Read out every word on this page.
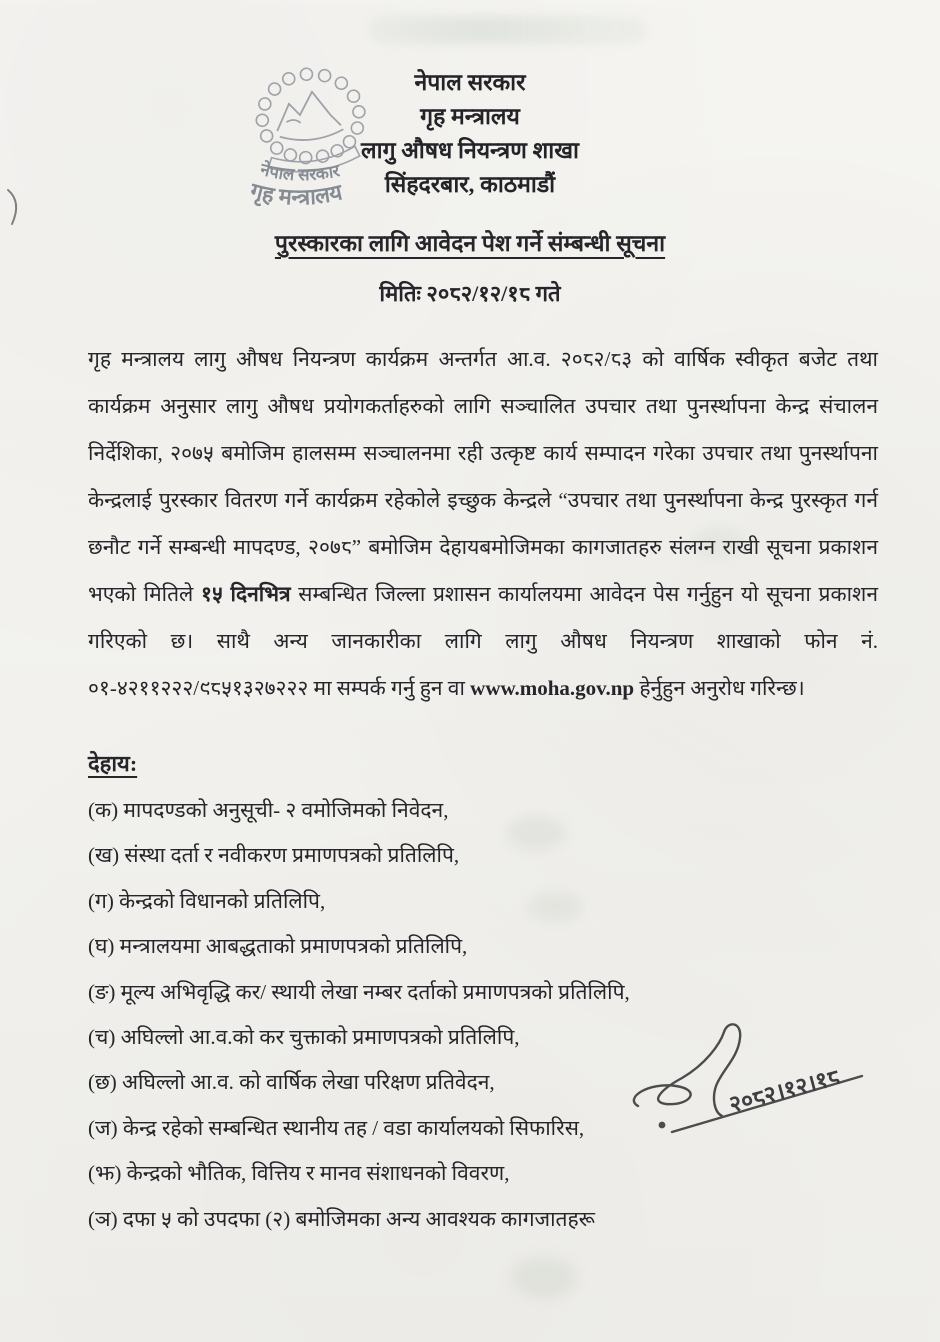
नेपाल सरकार
गृह मन्त्रालय
नेपाल सरकार
गृह मन्त्रालय
लागु औषध नियन्त्रण शाखा
सिंहदरबार, काठमाडौं
पुरस्कारका लागि आवेदन पेश गर्ने संम्बन्धी सूचना
मितिः २०८२/१२/१८ गते
गृह मन्त्रालय लागु औषध नियन्त्रण कार्यक्रम अन्तर्गत आ.व. २०८२/८३ को वार्षिक स्वीकृत बजेट तथा कार्यक्रम अनुसार लागु औषध प्रयोगकर्ताहरुको लागि सञ्चालित उपचार तथा पुनर्स्थापना केन्द्र संचालन निर्देशिका, २०७५ बमोजिम हालसम्म सञ्चालनमा रही उत्कृष्ट कार्य सम्पादन गरेका उपचार तथा पुनर्स्थापना केन्द्रलाई पुरस्कार वितरण गर्ने कार्यक्रम रहेकोले इच्छुक केन्द्रले “उपचार तथा पुनर्स्थापना केन्द्र पुरस्कृत गर्न छनौट गर्ने सम्बन्धी मापदण्ड, २०७८” बमोजिम देहायबमोजिमका कागजातहरु संलग्न राखी सूचना प्रकाशन भएको मितिले १५ दिनभित्र सम्बन्धित जिल्ला प्रशासन कार्यालयमा आवेदन पेस गर्नुहुन यो सूचना प्रकाशन गरिएको छ। साथै अन्य जानकारीका लागि लागु औषध नियन्त्रण शाखाको फोन नं. ०१-४२११२२२/९८५१३२७२२२ मा सम्पर्क गर्नु हुन वा www.moha.gov.np हेर्नुहुन अनुरोध गरिन्छ।
देहाय:
(क) मापदण्डको अनुसूची- २ वमोजिमको निवेदन,
(ख) संस्था दर्ता र नवीकरण प्रमाणपत्रको प्रतिलिपि,
(ग) केन्द्रको विधानको प्रतिलिपि,
(घ) मन्त्रालयमा आबद्धताको प्रमाणपत्रको प्रतिलिपि,
(ङ) मूल्य अभिवृद्धि कर/ स्थायी लेखा नम्बर दर्ताको प्रमाणपत्रको प्रतिलिपि,
(च) अघिल्लो आ.व.को कर चुक्ताको प्रमाणपत्रको प्रतिलिपि,
(छ) अघिल्लो आ.व. को वार्षिक लेखा परिक्षण प्रतिवेदन,
(ज) केन्द्र रहेको सम्बन्धित स्थानीय तह / वडा कार्यालयको सिफारिस,
(झ) केन्द्रको भौतिक, वित्तिय र मानव संशाधनको विवरण,
(ञ) दफा ५ को उपदफा (२) बमोजिमका अन्य आवश्यक कागजातहरू
२०८२।१२।१८
